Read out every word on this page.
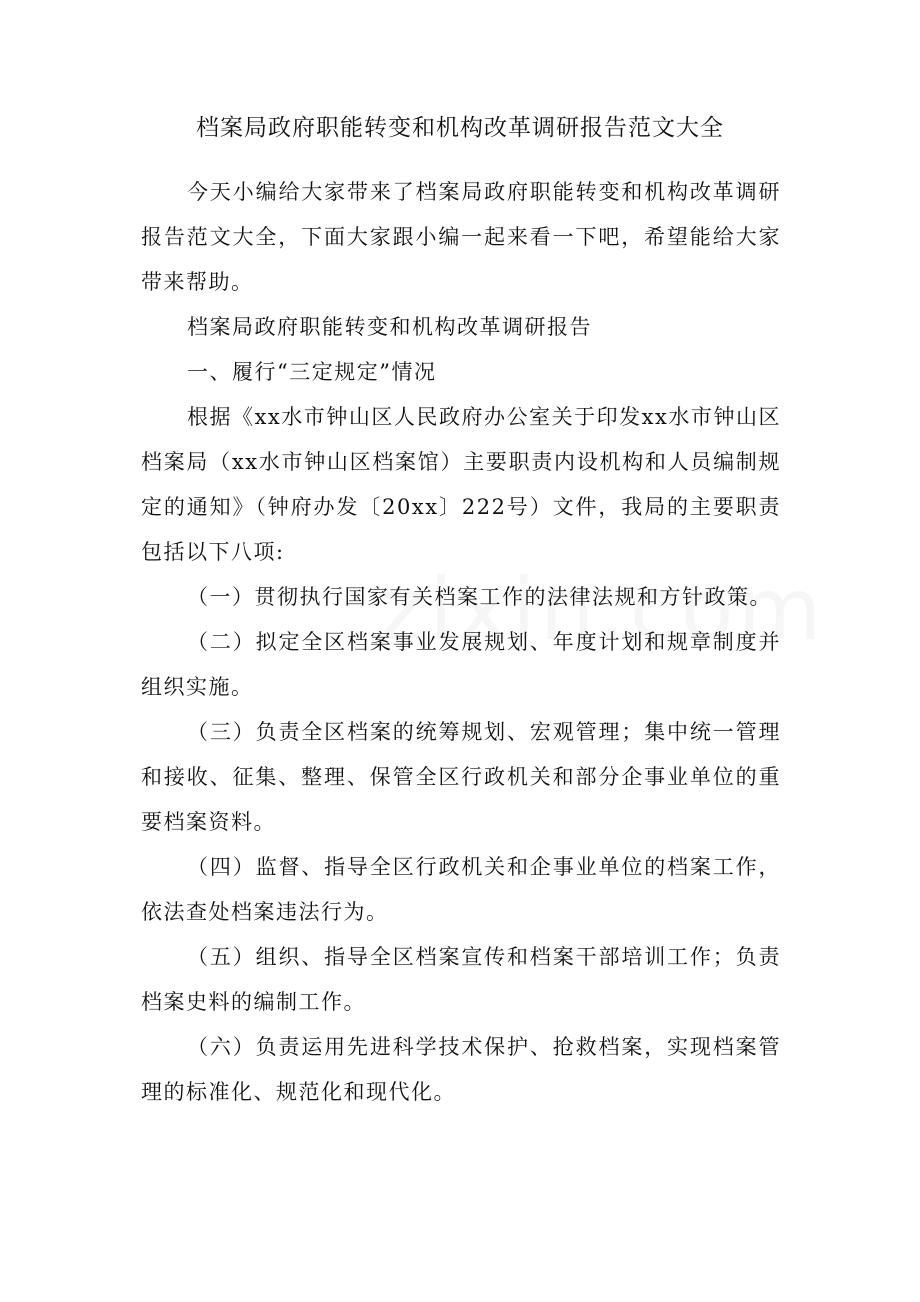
档案局政府职能转变和机构改革调研报告范文大全

今天小编给大家带来了档案局政府职能转变和机构改革调研报告范文大全，下面大家跟小编一起来看一下吧，希望能给大家带来帮助。

档案局政府职能转变和机构改革调研报告

一、履行“三定规定”情况

根据《xx水市钟山区人民政府办公室关于印发xx水市钟山区档案局（xx水市钟山区档案馆）主要职责内设机构和人员编制规定的通知》（钟府办发〔20xx〕222号）文件，我局的主要职责包括以下八项:

（一）贯彻执行国家有关档案工作的法律法规和方针政策。

（二）拟定全区档案事业发展规划、年度计划和规章制度并组织实施。

（三）负责全区档案的统筹规划、宏观管理；集中统一管理和接收、征集、整理、保管全区行政机关和部分企事业单位的重要档案资料。

（四）监督、指导全区行政机关和企事业单位的档案工作，依法查处档案违法行为。

（五）组织、指导全区档案宣传和档案干部培训工作；负责档案史料的编制工作。

（六）负责运用先进科学技术保护、抢救档案，实现档案管理的标准化、规范化和现代化。
